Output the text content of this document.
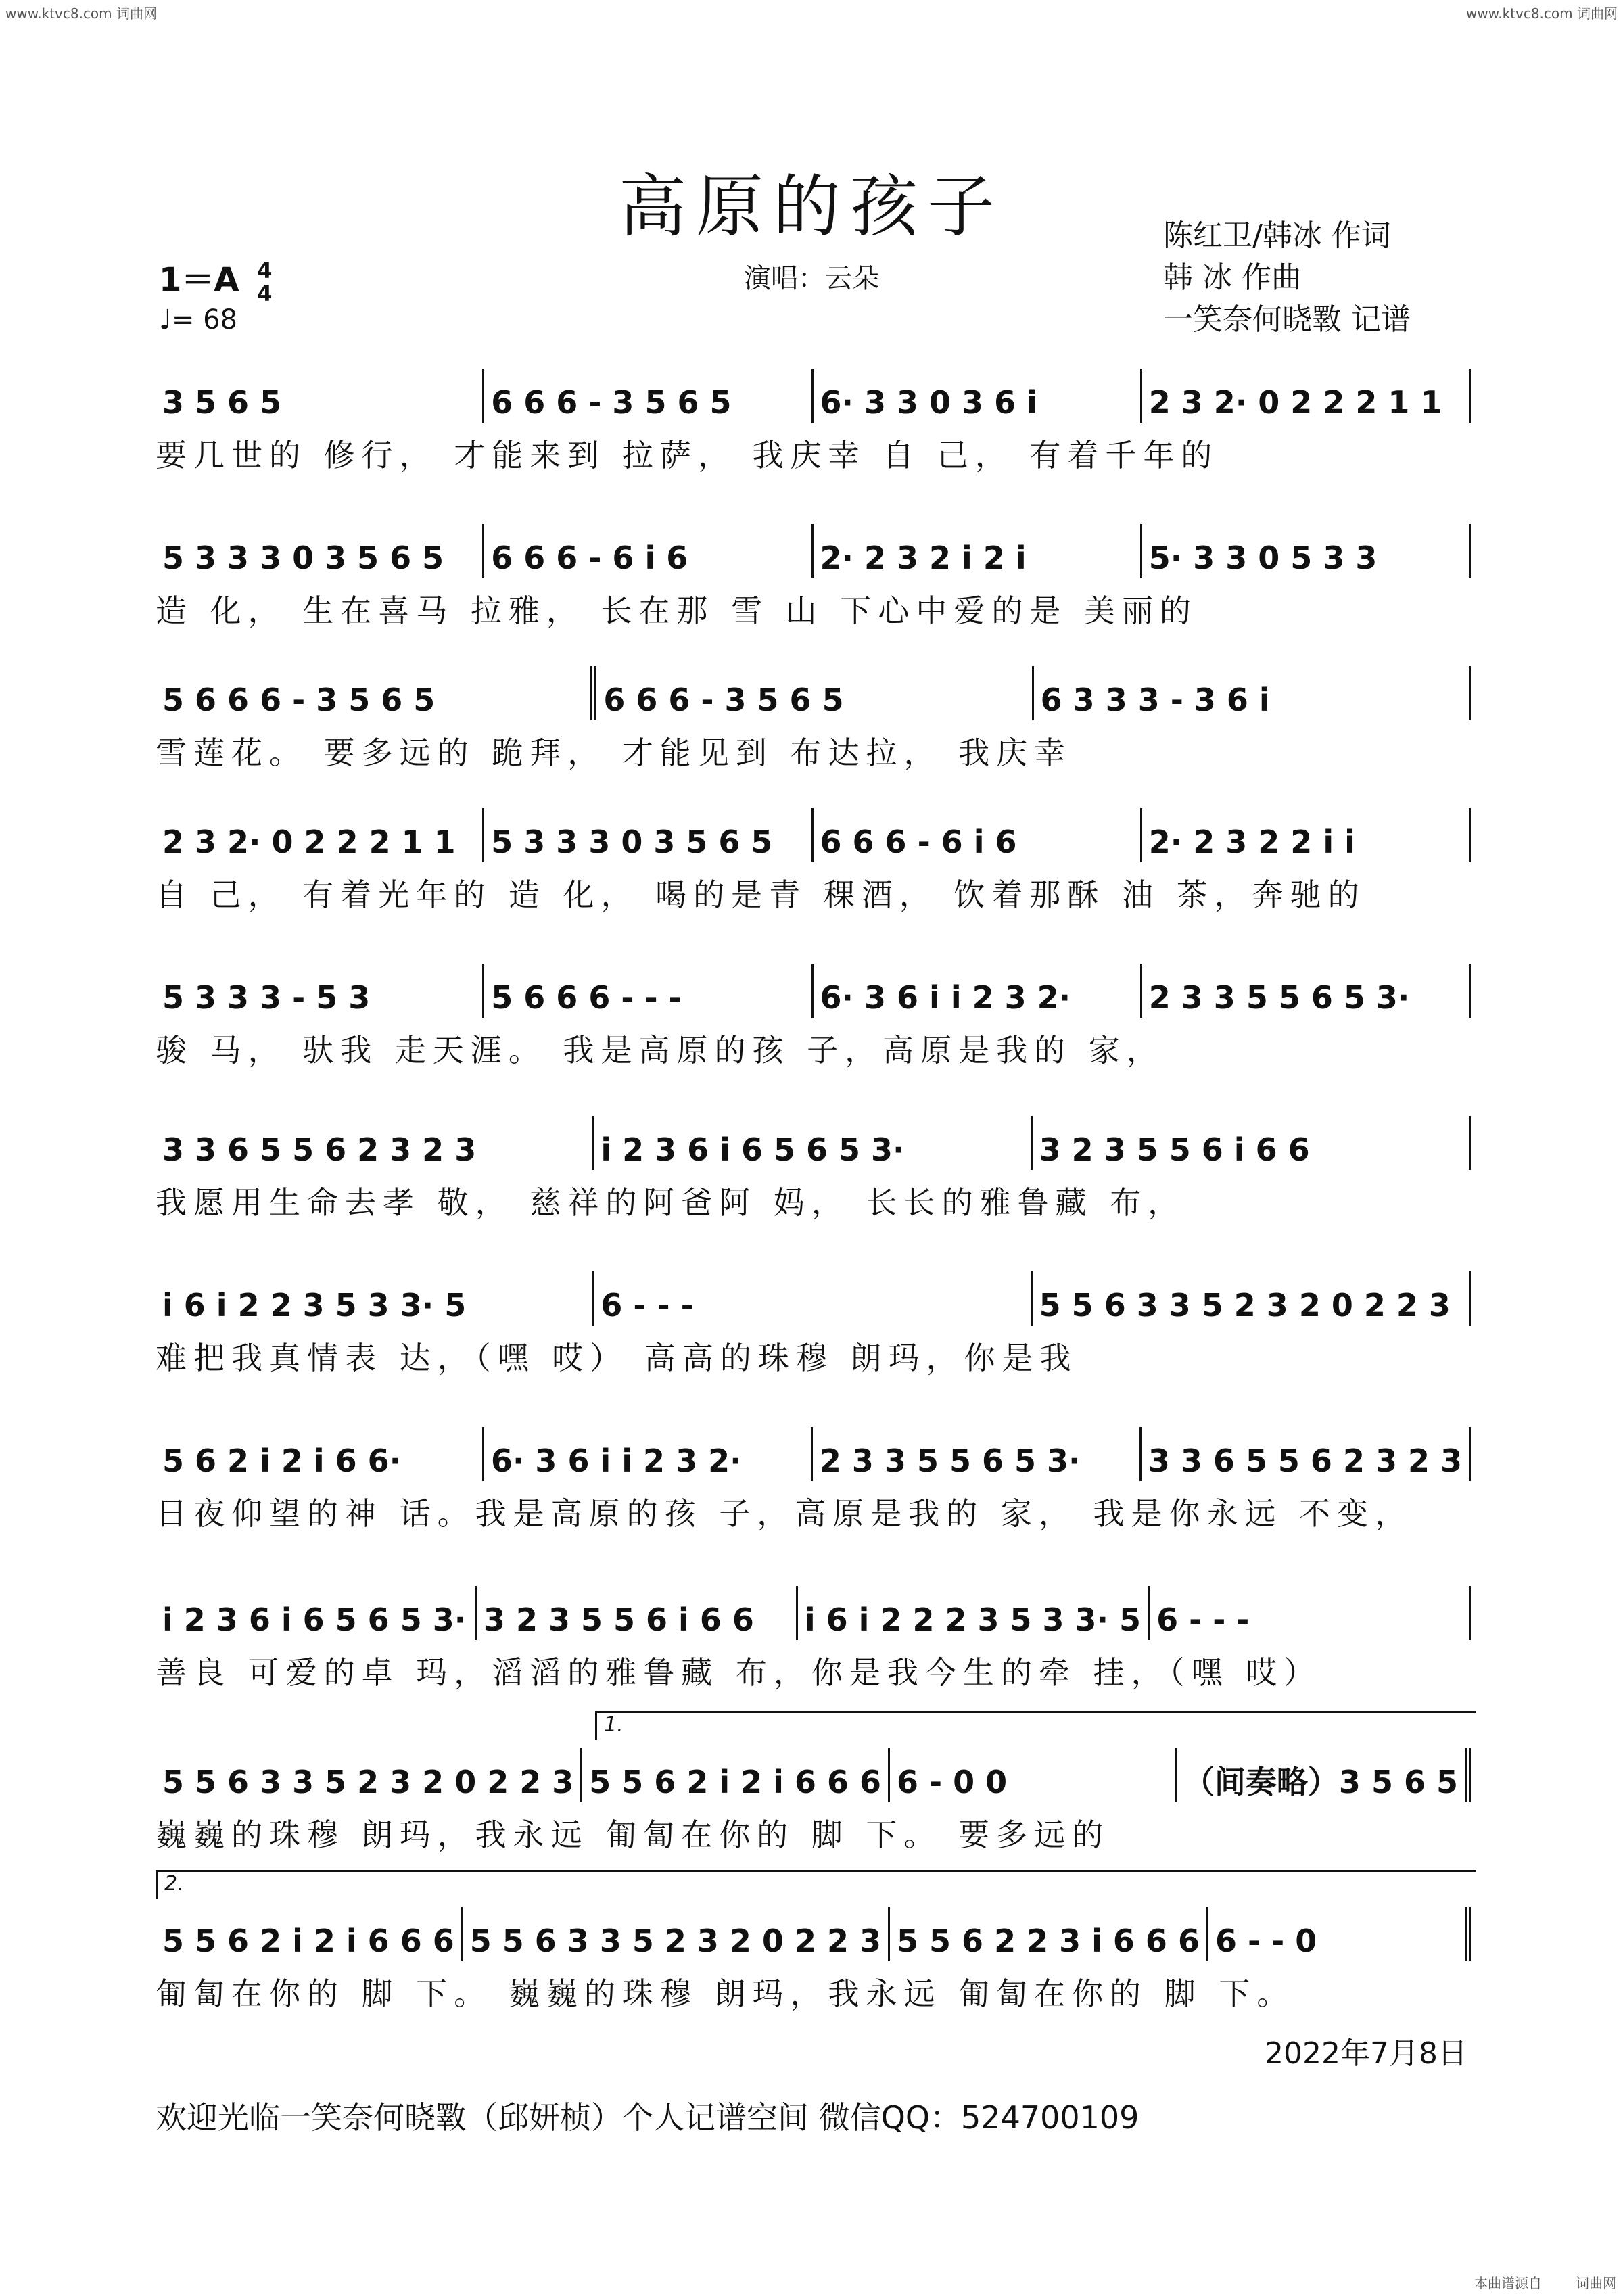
www.ktvc8.com 词曲网	www.ktvc8.com 词曲网
高原的孩子	陈红卫/韩冰 作词
韩 冰 作曲
一笑奈何晓斁 记谱
1＝A 4
4
♩= 68
演唱：云朵
3 5 6 5	6 6 6 - 3 5 6 5	6· 3 3 0 3 6 i	2 3 2· 0 2 2 2 1 1
要几世的 修行， 才能来到 拉萨， 我庆幸 自 己， 有着千年的
5 3 3 3 0 3 5 6 5 6 6 6 - 6 i 6	2· 2 3 2 i 2 i	5· 3 3 0 5 3 3
造 化， 生在喜马 拉雅， 长在那 雪 山 下心中爱的是 美丽的
5 6 6 6 - 3 5 6 5	6 6 6 - 3 5 6 5	6 3 3 3 - 3 6 i
雪莲花。 要多远的 跪拜， 才能见到 布达拉， 我庆幸
2 3 2· 0 2 2 2 1 1 5 3 3 3 0 3 5 6 5 6 6 6 - 6 i 6	2· 2 3 2 2 i i
自 己， 有着光年的 造 化， 喝的是青 稞酒， 饮着那酥 油 茶，奔驰的
5 3 3 3 - 5 3	5 6 6 6 - - -	6· 3 6 i i 2 3 2·	2 3 3 5 5 6 5 3·
骏 马， 驮我 走天涯。 我是高原的孩 子，高原是我的 家，
3 3 6 5 5 6 2 3 2 3	i 2 3 6 i 6 5 6 5 3·	3 2 3 5 5 6 i 6 6
我愿用生命去孝 敬， 慈祥的阿爸阿 妈， 长长的雅鲁藏 布，
i 6 i 2 2 3 5 3 3· 5	6 - - -	5 5 6 3 3 5 2 3 2 0 2 2 3
难把我真情表 达，（嘿 哎） 高高的珠穆 朗玛，你是我
5 6 2 i 2 i 6 6·	6· 3 6 i i 2 3 2·	2 3 3 5 5 6 5 3· 3 3 6 5 5 6 2 3 2 3
日夜仰望的神 话。我是高原的孩 子，高原是我的 家， 我是你永远 不变，
i 2 3 6 i 6 5 6 5 3· 3 2 3 5 5 6 i 6 6 i 6 i 2 2 2 3 5 3 3· 5 6 - - -
善良 可爱的卓 玛，滔滔的雅鲁藏 布，你是我今生的牵 挂，（嘿 哎）
1.
5 5 6 3 3 5 2 3 2 0 2 2 3 5 5 6 2 i 2 i 6 6 6 6 - 0 0	（间奏略）3 5 6 5
巍巍的珠穆 朗玛，我永远 匍匐在你的 脚 下。 要多远的
2.
5 5 6 2 i 2 i 6 6 6 5 5 6 3 3 5 2 3 2 0 2 2 3 5 5 6 2 2 3 i 6 6 6 6 - - 0
匍匐在你的 脚 下。 巍巍的珠穆 朗玛，我永远 匍匐在你的 脚 下。
2022年7月8日
欢迎光临一笑奈何晓斁（邱妍桢）个人记谱空间 微信QQ：524700109
本曲谱源自	词曲网
